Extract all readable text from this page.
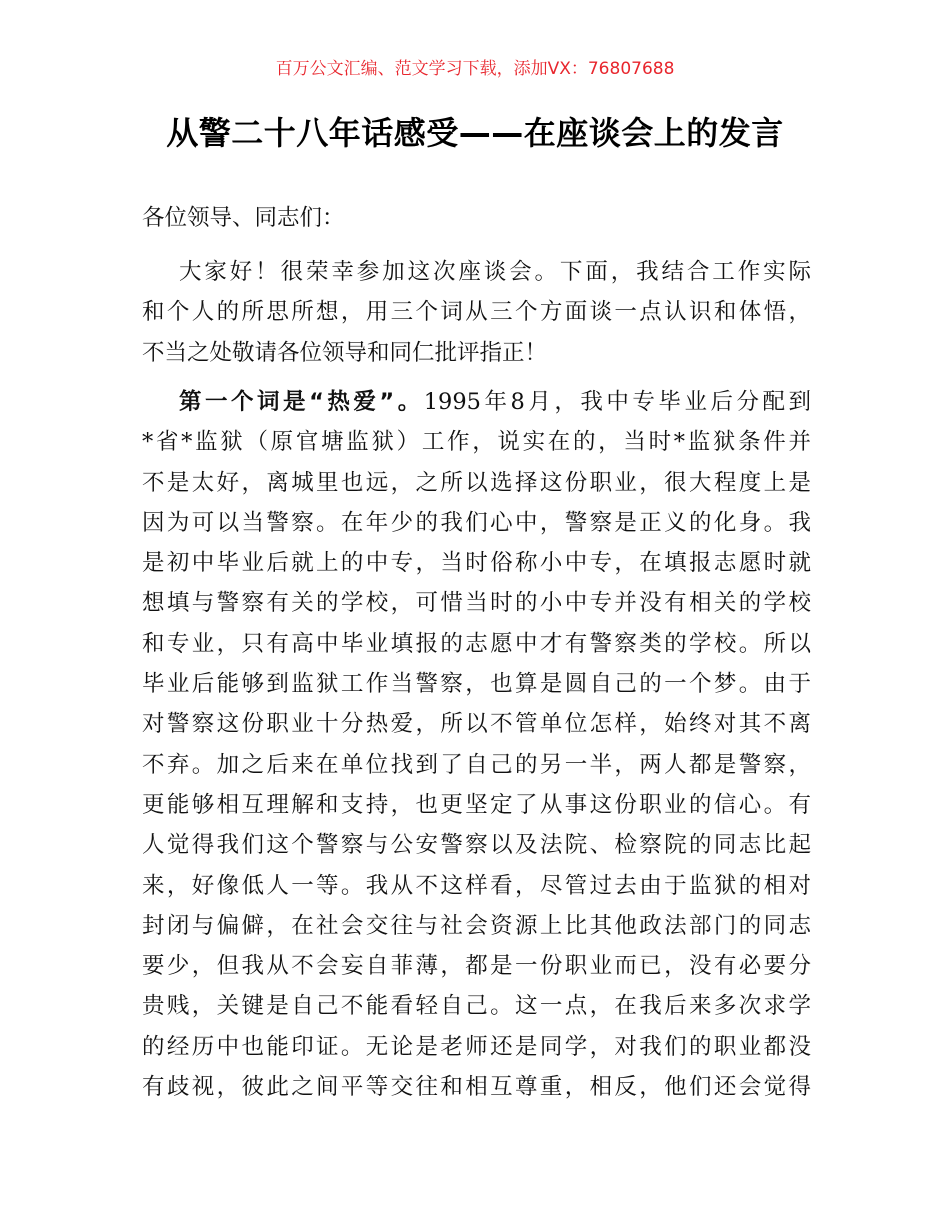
百万公文汇编、范文学习下载，添加VX：76807688
从警二十八年话感受——在座谈会上的发言
各位领导、同志们：
大家好！很荣幸参加这次座谈会。下面，我结合工作实际
和个人的所思所想，用三个词从三个方面谈一点认识和体悟，
不当之处敬请各位领导和同仁批评指正！
第一个词是“热爱”。1995年8月，我中专毕业后分配到
*省*监狱（原官塘监狱）工作，说实在的，当时*监狱条件并
不是太好，离城里也远，之所以选择这份职业，很大程度上是
因为可以当警察。在年少的我们心中，警察是正义的化身。我
是初中毕业后就上的中专，当时俗称小中专，在填报志愿时就
想填与警察有关的学校，可惜当时的小中专并没有相关的学校
和专业，只有高中毕业填报的志愿中才有警察类的学校。所以
毕业后能够到监狱工作当警察，也算是圆自己的一个梦。由于
对警察这份职业十分热爱，所以不管单位怎样，始终对其不离
不弃。加之后来在单位找到了自己的另一半，两人都是警察，
更能够相互理解和支持，也更坚定了从事这份职业的信心。有
人觉得我们这个警察与公安警察以及法院、检察院的同志比起
来，好像低人一等。我从不这样看，尽管过去由于监狱的相对
封闭与偏僻，在社会交往与社会资源上比其他政法部门的同志
要少，但我从不会妄自菲薄，都是一份职业而已，没有必要分
贵贱，关键是自己不能看轻自己。这一点，在我后来多次求学
的经历中也能印证。无论是老师还是同学，对我们的职业都没
有歧视，彼此之间平等交往和相互尊重，相反，他们还会觉得
